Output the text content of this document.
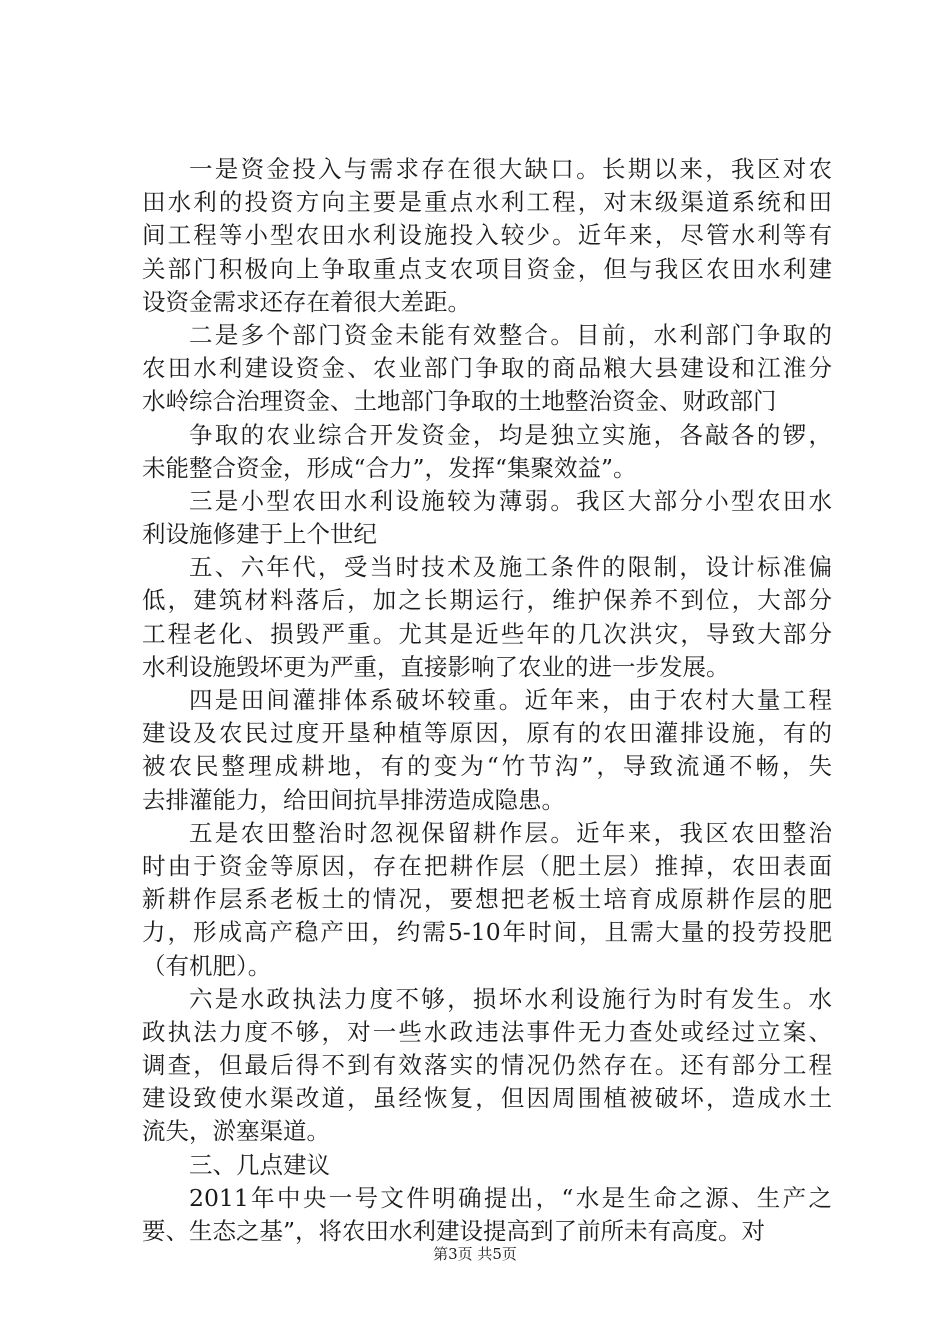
一是资金投入与需求存在很大缺口。长期以来，我区对农
田水利的投资方向主要是重点水利工程，对末级渠道系统和田
间工程等小型农田水利设施投入较少。近年来，尽管水利等有
关部门积极向上争取重点支农项目资金，但与我区农田水利建
设资金需求还存在着很大差距。
二是多个部门资金未能有效整合。目前，水利部门争取的
农田水利建设资金、农业部门争取的商品粮大县建设和江淮分
水岭综合治理资金、土地部门争取的土地整治资金、财政部门
争取的农业综合开发资金，均是独立实施，各敲各的锣，
未能整合资金，形成“合力”，发挥“集聚效益”。
三是小型农田水利设施较为薄弱。我区大部分小型农田水
利设施修建于上个世纪
五、六年代，受当时技术及施工条件的限制，设计标准偏
低，建筑材料落后，加之长期运行，维护保养不到位，大部分
工程老化、损毁严重。尤其是近些年的几次洪灾，导致大部分
水利设施毁坏更为严重，直接影响了农业的进一步发展。
四是田间灌排体系破坏较重。近年来，由于农村大量工程
建设及农民过度开垦种植等原因，原有的农田灌排设施，有的
被农民整理成耕地，有的变为“竹节沟”，导致流通不畅，失
去排灌能力，给田间抗旱排涝造成隐患。
五是农田整治时忽视保留耕作层。近年来，我区农田整治
时由于资金等原因，存在把耕作层（肥土层）推掉，农田表面
新耕作层系老板土的情况，要想把老板土培育成原耕作层的肥
力，形成高产稳产田，约需5-10年时间，且需大量的投劳投肥
（有机肥）。
六是水政执法力度不够，损坏水利设施行为时有发生。水
政执法力度不够，对一些水政违法事件无力查处或经过立案、
调查，但最后得不到有效落实的情况仍然存在。还有部分工程
建设致使水渠改道，虽经恢复，但因周围植被破坏，造成水土
流失，淤塞渠道。
三、几点建议
2011年中央一号文件明确提出，“水是生命之源、生产之
要、生态之基”，将农田水利建设提高到了前所未有高度。对
第3页 共5页
